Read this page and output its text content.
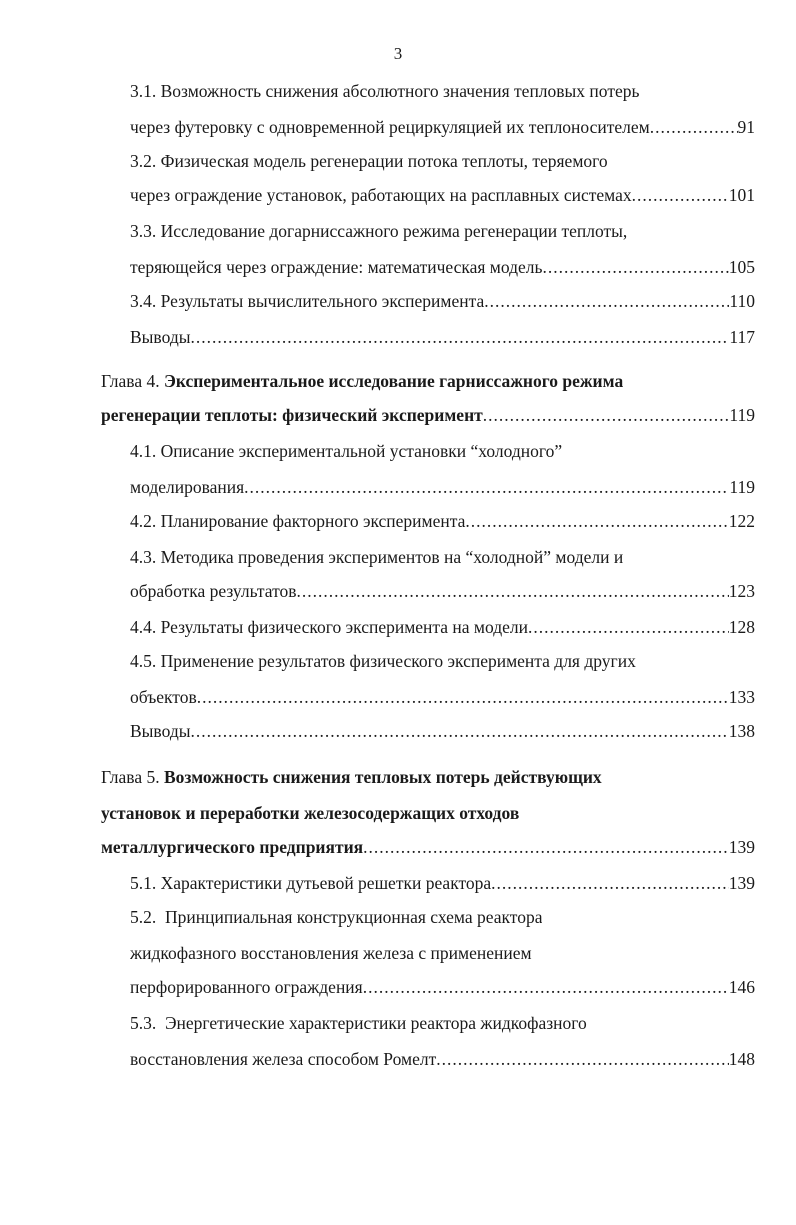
3
3.1. Возможность снижения абсолютного значения тепловых потерь
через футеровку с одновременной рециркуляцией их теплоносителем .....	91
3.2. Физическая модель регенерации потока теплоты, теряемого
через ограждение установок, работающих на расплавных системах .....	101
3.3. Исследование догарниссажного режима регенерации теплоты,
теряющейся через ограждение: математическая модель .....	105
3.4. Результаты вычислительного эксперимента .....	110
Выводы .....	117
Глава 4. Экспериментальное исследование гарниссажного режима
регенерации теплоты: физический эксперимент .....	119
4.1. Описание экспериментальной установки “холодного”
моделирования .....	119
4.2. Планирование факторного эксперимента .....	122
4.3. Методика проведения экспериментов на “холодной” модели и
обработка результатов .....	123
4.4. Результаты физического эксперимента на модели .....	128
4.5. Применение результатов физического эксперимента для других
объектов .....	133
Выводы .....	138
Глава 5. Возможность снижения тепловых потерь действующих
установок и переработки железосодержащих отходов
металлургического предприятия .....	139
5.1. Характеристики дутьевой решетки реактора .....	139
5.2.  Принципиальная конструкционная схема реактора
жидкофазного восстановления железа с применением
перфорированного ограждения .....	146
5.3.  Энергетические характеристики реактора жидкофазного
восстановления железа способом Ромелт .....	148
